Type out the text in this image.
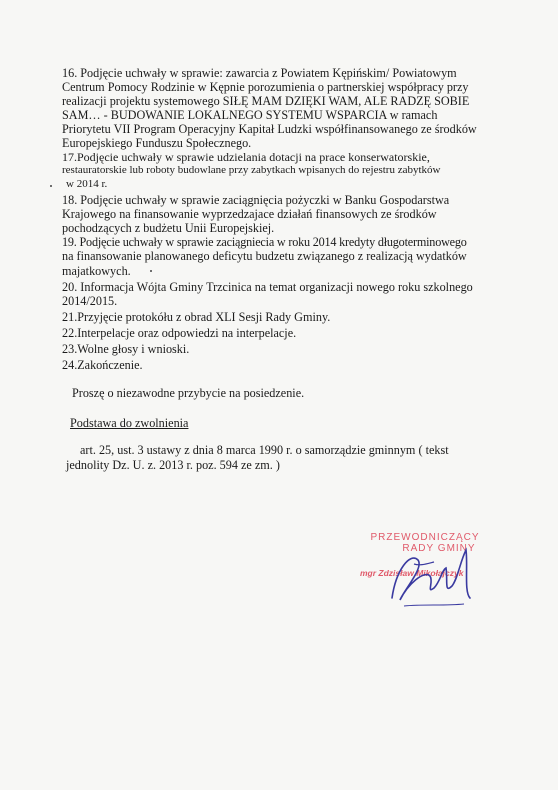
16. Podjęcie uchwały w sprawie: zawarcia z Powiatem Kępińskim/ Powiatowym
Centrum Pomocy Rodzinie w Kępnie porozumienia o partnerskiej współpracy przy
realizacji projektu systemowego SIŁĘ MAM DZIĘKI WAM, ALE RADZĘ SOBIE
SAM… - BUDOWANIE LOKALNEGO SYSTEMU WSPARCIA w ramach
Priorytetu VII Program Operacyjny Kapitał Ludzki współfinansowanego ze środków
Europejskiego Funduszu Społecznego.

17.Podjęcie uchwały w sprawie udzielania dotacji na prace konserwatorskie,
restauratorskie lub roboty budowlane przy zabytkach wpisanych do rejestru zabytków
w 2014 r.

18. Podjęcie uchwały w sprawie zaciągnięcia pożyczki w Banku Gospodarstwa
Krajowego na finansowanie wyprzedzajace działań finansowych ze środków
pochodzących z budżetu Unii Europejskiej.

19. Podjęcie uchwały w sprawie zaciągniecia w roku 2014 kredyty długoterminowego
na finansowanie planowanego deficytu budzetu związanego z realizacją wydatków
majatkowych.

20. Informacja Wójta Gminy Trzcinica na temat organizacji nowego roku szkolnego
2014/2015.

21.Przyjęcie protokółu z obrad XLI Sesji Rady Gminy.

22.Interpelacje oraz odpowiedzi na interpelacje.

23.Wolne głosy i wnioski.

24.Zakończenie.

Proszę o niezawodne przybycie na posiedzenie.
Podstawa do zwolnienia
art. 25, ust. 3 ustawy z dnia 8 marca 1990 r. o samorządzie gminnym ( tekst
jednolity Dz. U. z. 2013 r. poz. 594 ze zm. )
PRZEWODNICZĄCY
RADY GMINY
mgr Zdzisław Mikołajczyk
